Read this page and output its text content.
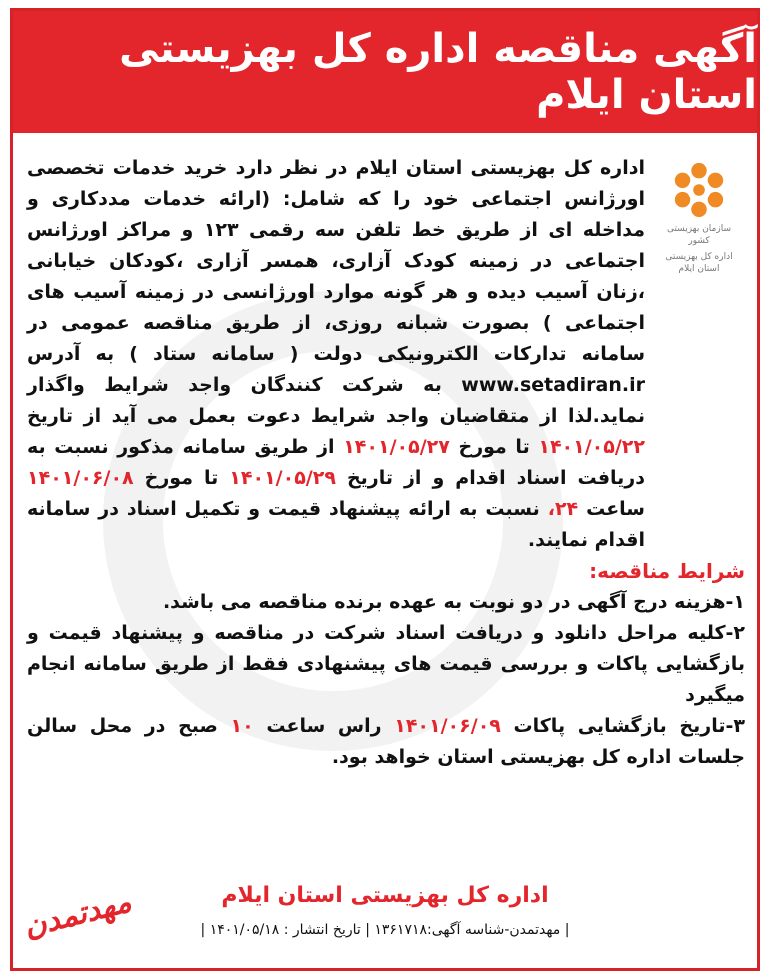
آگهی مناقصه اداره کل بهزیستی استان ایلام
سازمان بهزیستی کشور
اداره کل بهزیستی استان ایلام

اداره کل بهزیستی استان ایلام در نظر دارد خرید خدمات تخصصی اورژانس اجتماعی خود را که شامل: (ارائه خدمات مددکاری و مداخله ای از طریق خط تلفن سه رقمی ۱۲۳ و مراکز اورژانس اجتماعی در زمینه کودک آزاری، همسر آزاری ،کودکان خیابانی ،زنان آسیب دیده و هر گونه موارد اورژانسی در زمینه آسیب های اجتماعی ) بصورت شبانه روزی، از طریق مناقصه عمومی در سامانه تدارکات الکترونیکی دولت ( سامانه ستاد ) به آدرس www.setadiran.ir به شرکت کنندگان واجد شرایط واگذار نماید.لذا از متقاضیان واجد شرایط دعوت بعمل می آید از تاریخ ۱۴۰۱/۰۵/۲۲ تا مورخ ۱۴۰۱/۰۵/۲۷ از طریق سامانه مذکور نسبت به دریافت اسناد اقدام و از تاریخ ۱۴۰۱/۰۵/۲۹ تا مورخ ۱۴۰۱/۰۶/۰۸ ساعت ۲۴، نسبت به ارائه پیشنهاد قیمت و تکمیل اسناد در سامانه اقدام نمایند.

شرایط مناقصه:

۱-هزینه درج آگهی در دو نوبت به عهده برنده مناقصه می باشد.

۲-کلیه مراحل دانلود و دریافت اسناد شرکت در مناقصه و پیشنهاد قیمت و بازگشایی پاکات و بررسی قیمت های پیشنهادی فقط از طریق سامانه انجام میگیرد

۳-تاریخ بازگشایی پاکات ۱۴۰۱/۰۶/۰۹ راس ساعت ۱۰ صبح در محل سالن جلسات اداره کل بهزیستی استان خواهد بود.

اداره کل بهزیستی استان ایلام
| مهدتمدن-شناسه آگهی:۱۳۶۱۷۱۸ | تاریخ انتشار : ۱۴۰۱/۰۵/۱۸ |
مهدتمدن
